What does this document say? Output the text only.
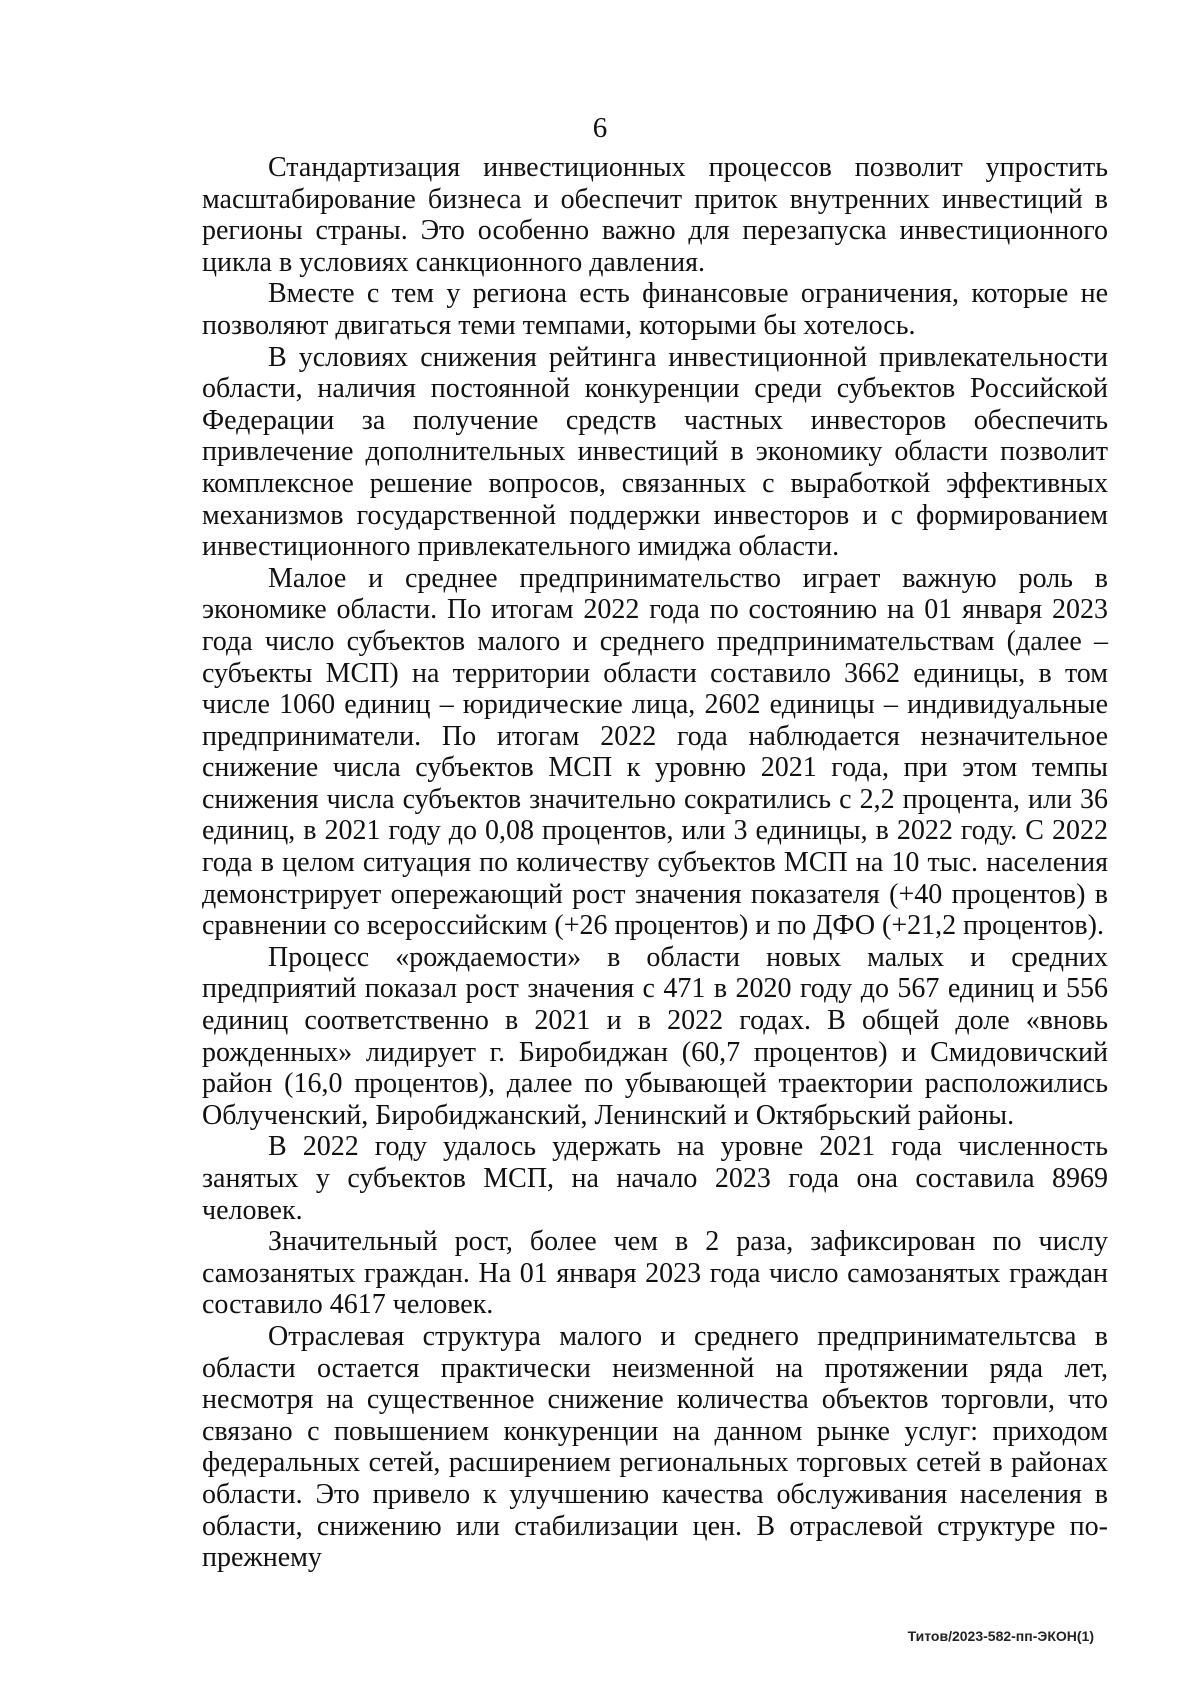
6

Стандартизация инвестиционных процессов позволит упростить масштабирование бизнеса и обеспечит приток внутренних инвестиций в регионы страны. Это особенно важно для перезапуска инвестиционного цикла в условиях санкционного давления.

Вместе с тем у региона есть финансовые ограничения, которые не позволяют двигаться теми темпами, которыми бы хотелось.

В условиях снижения рейтинга инвестиционной привлекательности области, наличия постоянной конкуренции среди субъектов Российской Федерации за получение средств частных инвесторов обеспечить привлечение дополнительных инвестиций в экономику области позволит комплексное решение вопросов, связанных с выработкой эффективных механизмов государственной поддержки инвесторов и с формированием инвестиционного привлекательного имиджа области.

Малое и среднее предпринимательство играет важную роль в экономике области. По итогам 2022 года по состоянию на 01 января 2023 года число субъектов малого и среднего предпринимательствам (далее – субъекты МСП) на территории области составило 3662 единицы, в том числе 1060 единиц – юридические лица, 2602 единицы – индивидуальные предприниматели. По итогам 2022 года наблюдается незначительное снижение числа субъектов МСП к уровню 2021 года, при этом темпы снижения числа субъектов значительно сократились с 2,2 процента, или 36 единиц, в 2021 году до 0,08 процентов, или 3 единицы, в 2022 году. С 2022 года в целом ситуация по количеству субъектов МСП на 10 тыс. населения демонстрирует опережающий рост значения показателя (+40 процентов) в сравнении со всероссийским (+26 процентов) и по ДФО (+21,2 процентов).

Процесс «рождаемости» в области новых малых и средних предприятий показал рост значения с 471 в 2020 году до 567 единиц и 556 единиц соответственно в 2021 и в 2022 годах. В общей доле «вновь рожденных» лидирует г. Биробиджан (60,7 процентов) и Смидовичский район (16,0 процентов), далее по убывающей траектории расположились Облученский, Биробиджанский, Ленинский и Октябрьский районы.

В 2022 году удалось удержать на уровне 2021 года численность занятых у субъектов МСП, на начало 2023 года она составила 8969 человек.

Значительный рост, более чем в 2 раза, зафиксирован по числу самозанятых граждан. На 01 января 2023 года число самозанятых граждан составило 4617 человек.

Отраслевая структура малого и среднего предпринимательтсва в области остается практически неизменной на протяжении ряда лет, несмотря на существенное снижение количества объектов торговли, что связано с повышением конкуренции на данном рынке услуг: приходом федеральных сетей, расширением региональных торговых сетей в районах области. Это привело к улучшению качества обслуживания населения в области, снижению или стабилизации цен. В отраслевой структуре по-прежнему

Титов/2023-582-пп-ЭКОН(1)
